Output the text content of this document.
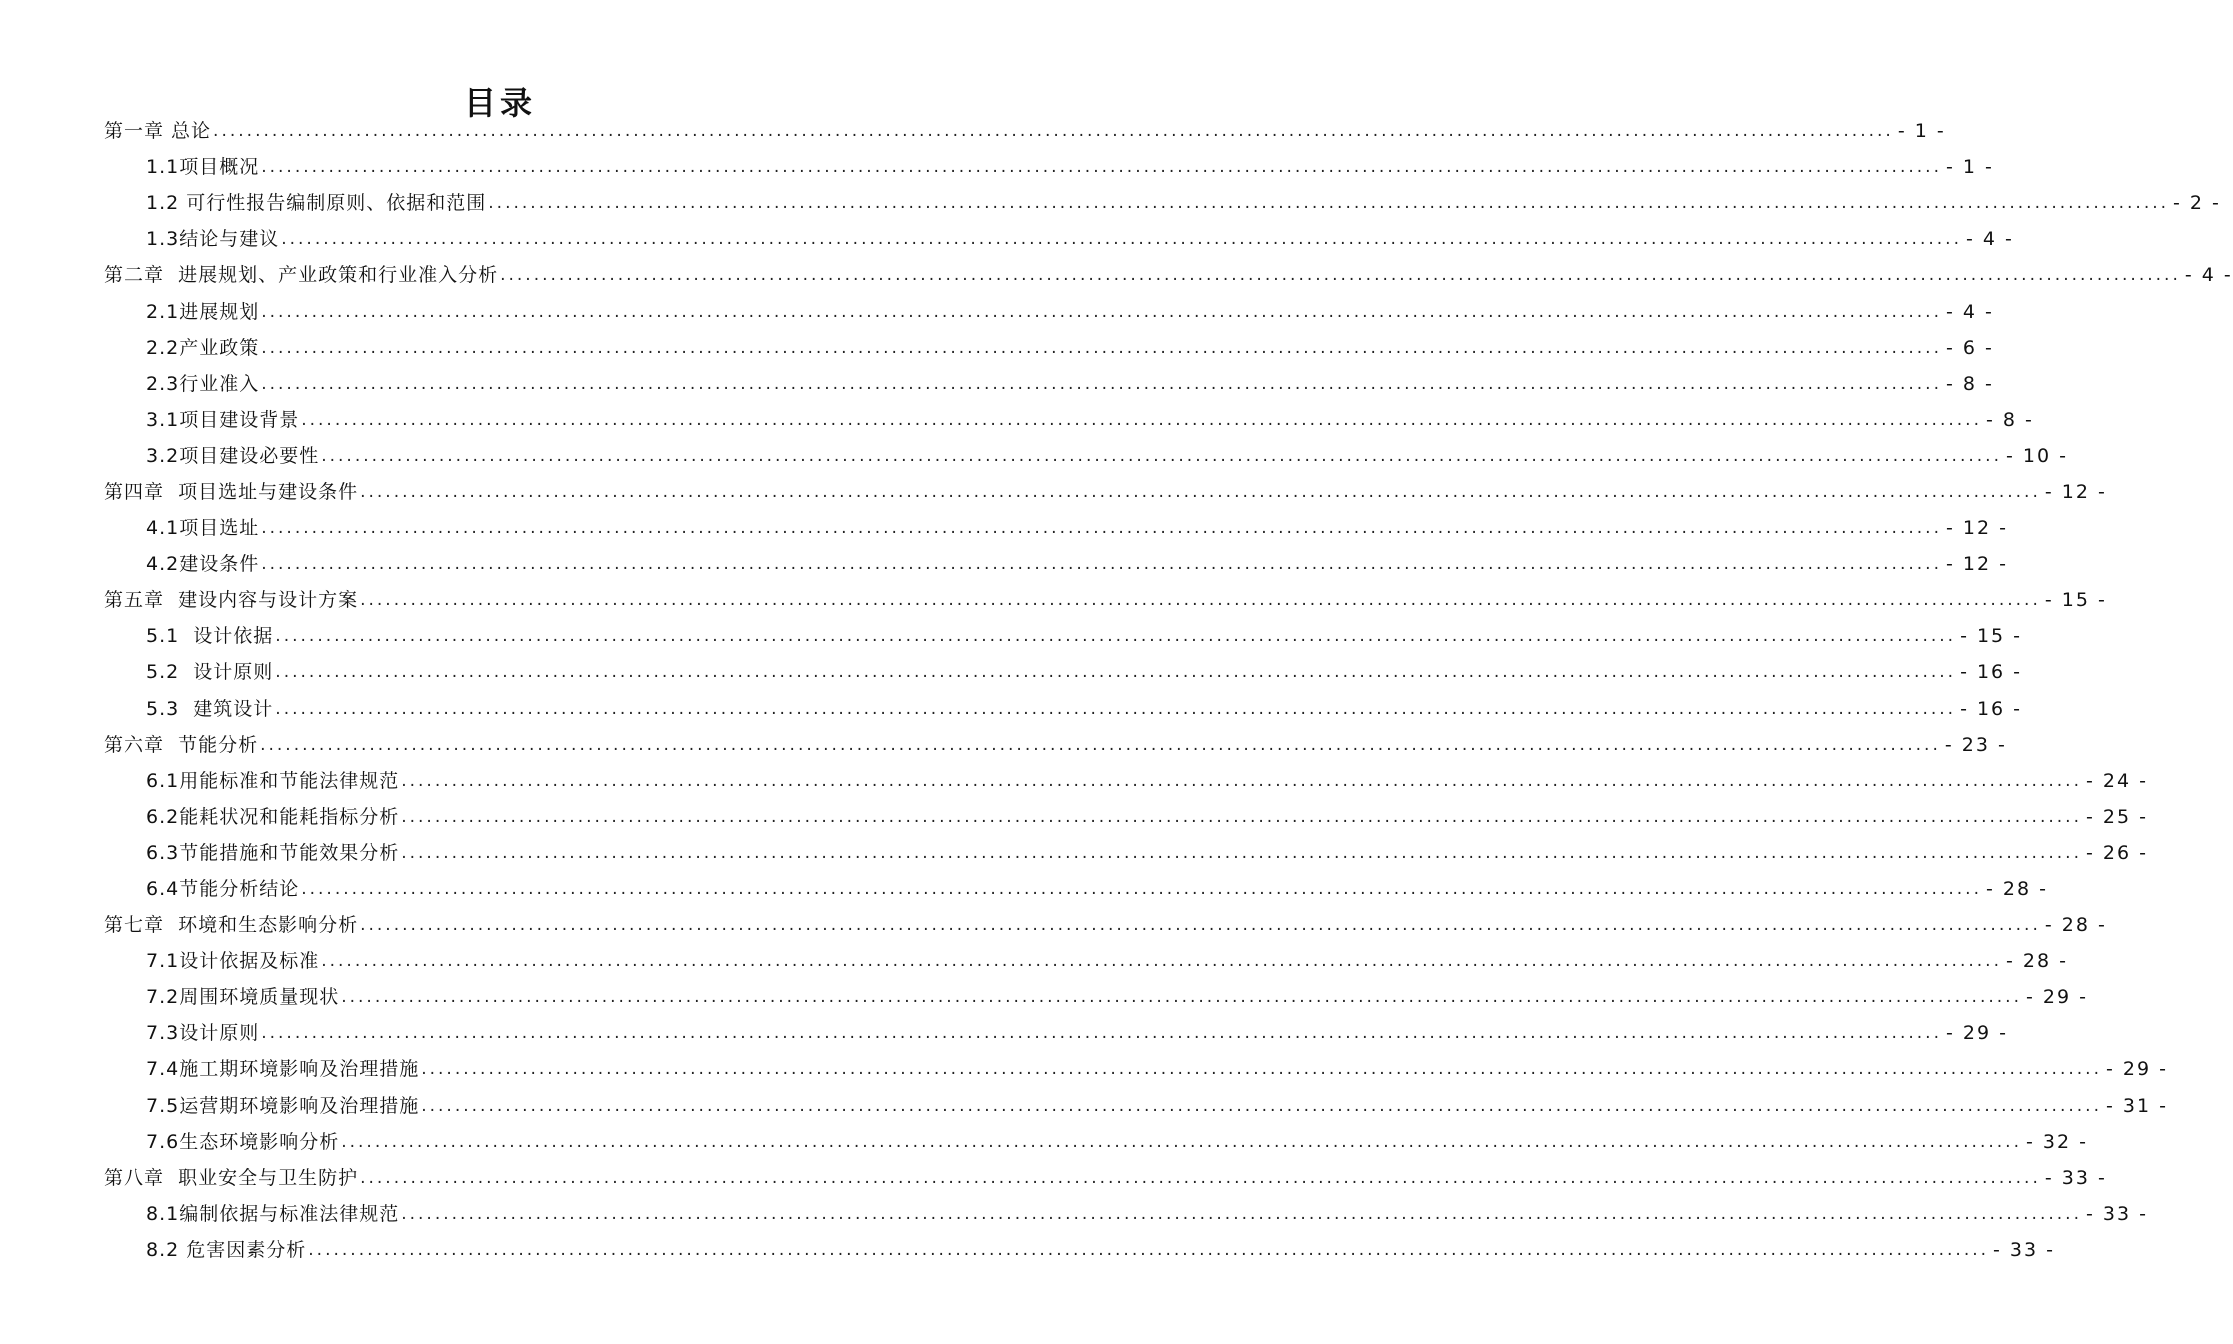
目录
第一章 总论 ........................................................................................................................................................................................................ - 1 -
1.1项目概况 ........................................................................................................................................................................................................ - 1 -
1.2 可行性报告编制原则、依据和范围 ........................................................................................................................................................................................................ - 2 -
1.3结论与建议 ........................................................................................................................................................................................................ - 4 -
第二章  进展规划、产业政策和行业准入分析 ........................................................................................................................................................................................................ - 4 -
2.1进展规划 ........................................................................................................................................................................................................ - 4 -
2.2产业政策 ........................................................................................................................................................................................................ - 6 -
2.3行业准入 ........................................................................................................................................................................................................ - 8 -
3.1项目建设背景 ........................................................................................................................................................................................................ - 8 -
3.2项目建设必要性 ........................................................................................................................................................................................................ - 10 -
第四章  项目选址与建设条件 ........................................................................................................................................................................................................ - 12 -
4.1项目选址 ........................................................................................................................................................................................................ - 12 -
4.2建设条件 ........................................................................................................................................................................................................ - 12 -
第五章  建设内容与设计方案 ........................................................................................................................................................................................................ - 15 -
5.1  设计依据 ........................................................................................................................................................................................................ - 15 -
5.2  设计原则 ........................................................................................................................................................................................................ - 16 -
5.3  建筑设计 ........................................................................................................................................................................................................ - 16 -
第六章  节能分析 ........................................................................................................................................................................................................ - 23 -
6.1用能标准和节能法律规范 ........................................................................................................................................................................................................ - 24 -
6.2能耗状况和能耗指标分析 ........................................................................................................................................................................................................ - 25 -
6.3节能措施和节能效果分析 ........................................................................................................................................................................................................ - 26 -
6.4节能分析结论 ........................................................................................................................................................................................................ - 28 -
第七章  环境和生态影响分析 ........................................................................................................................................................................................................ - 28 -
7.1设计依据及标准 ........................................................................................................................................................................................................ - 28 -
7.2周围环境质量现状 ........................................................................................................................................................................................................ - 29 -
7.3设计原则 ........................................................................................................................................................................................................ - 29 -
7.4施工期环境影响及治理措施 ........................................................................................................................................................................................................ - 29 -
7.5运营期环境影响及治理措施 ........................................................................................................................................................................................................ - 31 -
7.6生态环境影响分析 ........................................................................................................................................................................................................ - 32 -
第八章  职业安全与卫生防护 ........................................................................................................................................................................................................ - 33 -
8.1编制依据与标准法律规范 ........................................................................................................................................................................................................ - 33 -
8.2 危害因素分析 ........................................................................................................................................................................................................ - 33 -
